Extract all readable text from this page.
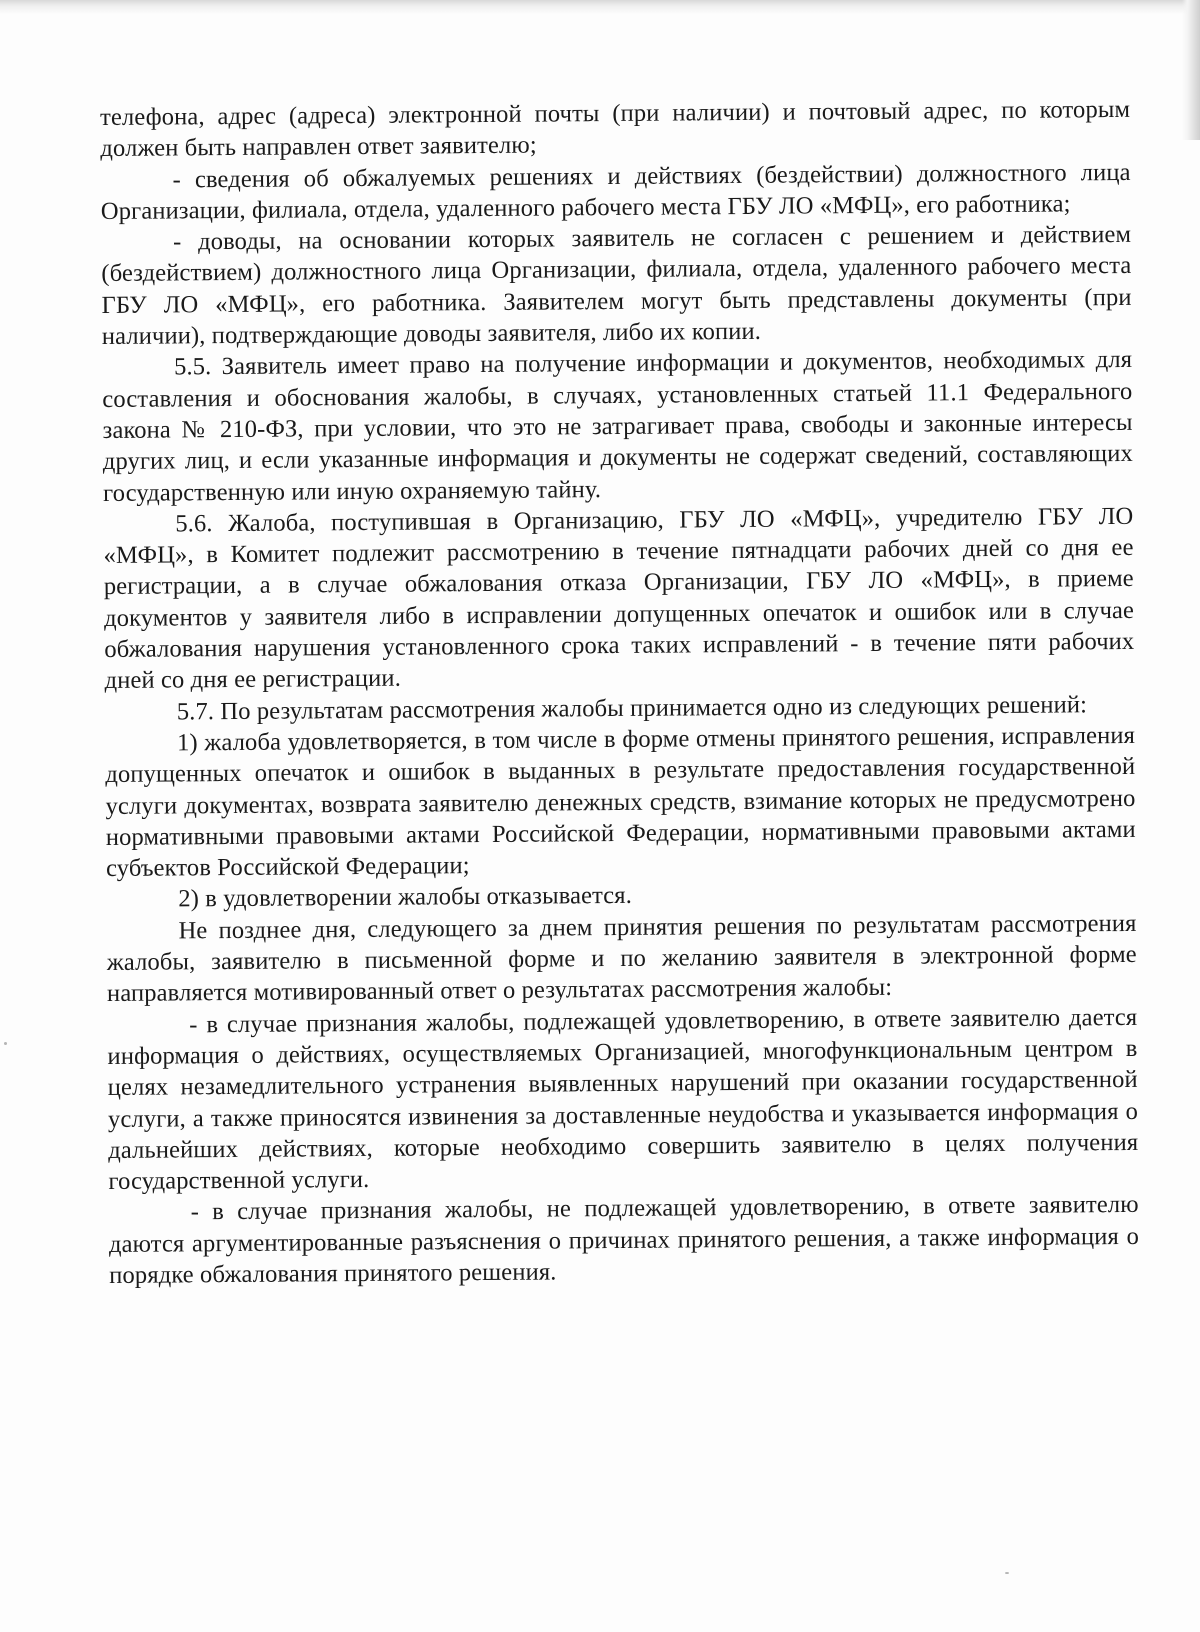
телефона, адрес (адреса) электронной почты (при наличии) и почтовый адрес, по которым должен быть направлен ответ заявителю;

- сведения об обжалуемых решениях и действиях (бездействии) должностного лица Организации, филиала, отдела, удаленного рабочего места ГБУ ЛО «МФЦ», его работника;

- доводы, на основании которых заявитель не согласен с решением и действием (бездействием) должностного лица Организации, филиала, отдела, удаленного рабочего места ГБУ ЛО «МФЦ», его работника. Заявителем могут быть представлены документы (при наличии), подтверждающие доводы заявителя, либо их копии.

5.5. Заявитель имеет право на получение информации и документов, необходимых для составления и обоснования жалобы, в случаях, установленных статьей 11.1 Федерального закона № 210-ФЗ, при условии, что это не затрагивает права, свободы и законные интересы других лиц, и если указанные информация и документы не содержат сведений, составляющих государственную или иную охраняемую тайну.

5.6. Жалоба, поступившая в Организацию, ГБУ ЛО «МФЦ», учредителю ГБУ ЛО «МФЦ», в Комитет подлежит рассмотрению в течение пятнадцати рабочих дней со дня ее регистрации, а в случае обжалования отказа Организации, ГБУ ЛО «МФЦ», в приеме документов у заявителя либо в исправлении допущенных опечаток и ошибок или в случае обжалования нарушения установленного срока таких исправлений - в течение пяти рабочих дней со дня ее регистрации.

5.7. По результатам рассмотрения жалобы принимается одно из следующих решений:

1) жалоба удовлетворяется, в том числе в форме отмены принятого решения, исправления допущенных опечаток и ошибок в выданных в результате предоставления государственной услуги документах, возврата заявителю денежных средств, взимание которых не предусмотрено нормативными правовыми актами Российской Федерации, нормативными правовыми актами субъектов Российской Федерации;

2) в удовлетворении жалобы отказывается.

Не позднее дня, следующего за днем принятия решения по результатам рассмотрения жалобы, заявителю в письменной форме и по желанию заявителя в электронной форме направляется мотивированный ответ о результатах рассмотрения жалобы:

- в случае признания жалобы, подлежащей удовлетворению, в ответе заявителю дается информация о действиях, осуществляемых Организацией, многофункциональным центром в целях незамедлительного устранения выявленных нарушений при оказании государственной услуги, а также приносятся извинения за доставленные неудобства и указывается информация о дальнейших действиях, которые необходимо совершить заявителю в целях получения государственной услуги.

- в случае признания жалобы, не подлежащей удовлетворению, в ответе заявителю даются аргументированные разъяснения о причинах принятого решения, а также информация о порядке обжалования принятого решения.
